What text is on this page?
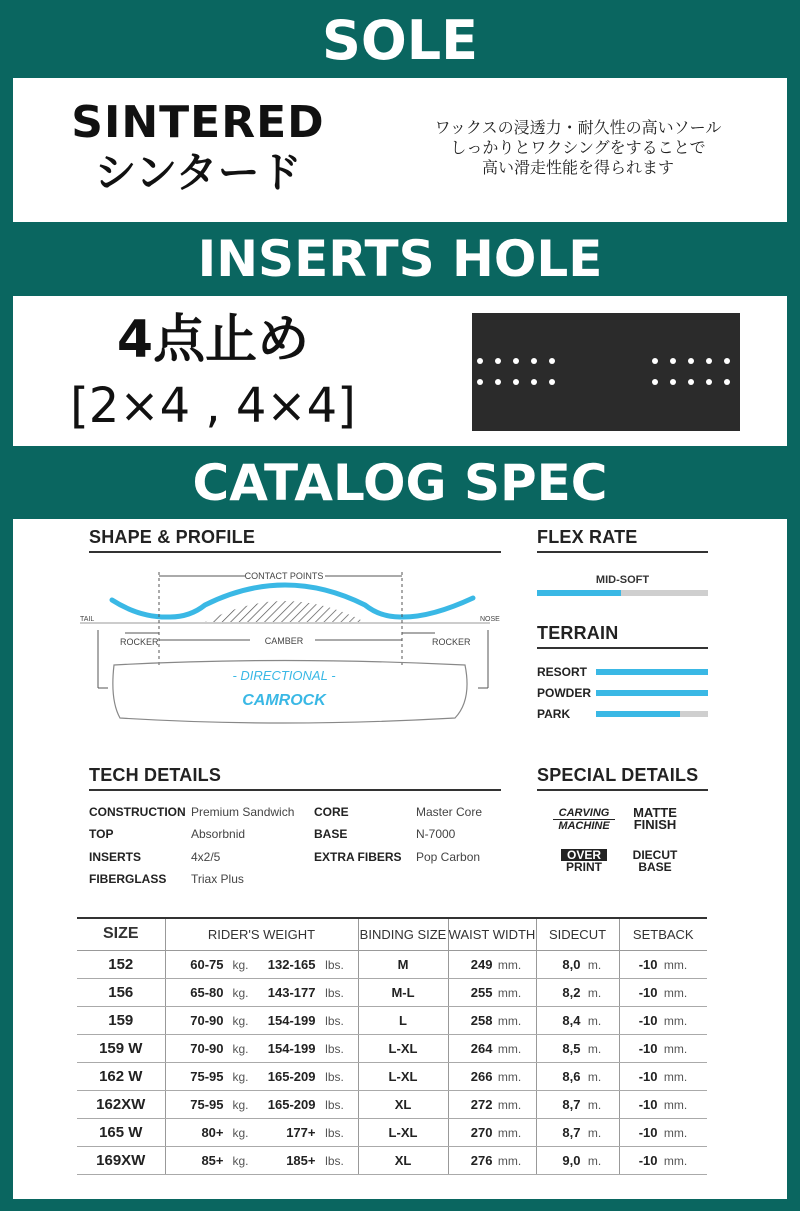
SOLE
SINTERED
シンタード
ワックスの浸透力・耐久性の高いソール
しっかりとワクシングをすることで
高い滑走性能を得られます
INSERTS HOLE
4点止め
[2×4 , 4×4]
CATALOG SPEC
SHAPE & PROFILE
CONTACT POINTS
TAIL	NOSE
ROCKER	CAMBER	ROCKER
- DIRECTIONAL -
CAMROCK
FLEX RATE
MID-SOFT
TERRAIN
RESORT
POWDER
PARK
TECH DETAILS
CONSTRUCTION Premium Sandwich
TOP	Absorbnid
INSERTS	4x2/5
FIBERGLASS Triax Plus
CORE	Master Core
BASE	N-7000
EXTRA FIBERS Pop Carbon
SPECIAL DETAILS
CARVING
MACHINE
MATTE
FINISH
OVER
PRINT
DIECUT
BASE
SIZE	RIDER'S WEIGHT	BINDING SIZE	WAIST WIDTH	SIDECUT	SETBACK
152	60-75 kg. 132-165 lbs.	M	249 mm.	8,0 m.	-10 mm.
156	65-80 kg. 143-177 lbs.	M-L	255 mm.	8,2 m.	-10 mm.
159	70-90 kg. 154-199 lbs.	L	258 mm.	8,4 m.	-10 mm.
159 W	70-90 kg. 154-199 lbs.	L-XL	264 mm.	8,5 m.	-10 mm.
162 W	75-95 kg. 165-209 lbs.	L-XL	266 mm.	8,6 m.	-10 mm.
162XW	75-95 kg. 165-209 lbs.	XL	272 mm.	8,7 m.	-10 mm.
165 W	80+ kg. 177+ lbs.	L-XL	270 mm.	8,7 m.	-10 mm.
169XW	85+ kg. 185+ lbs.	XL	276 mm.	9,0 m.	-10 mm.
